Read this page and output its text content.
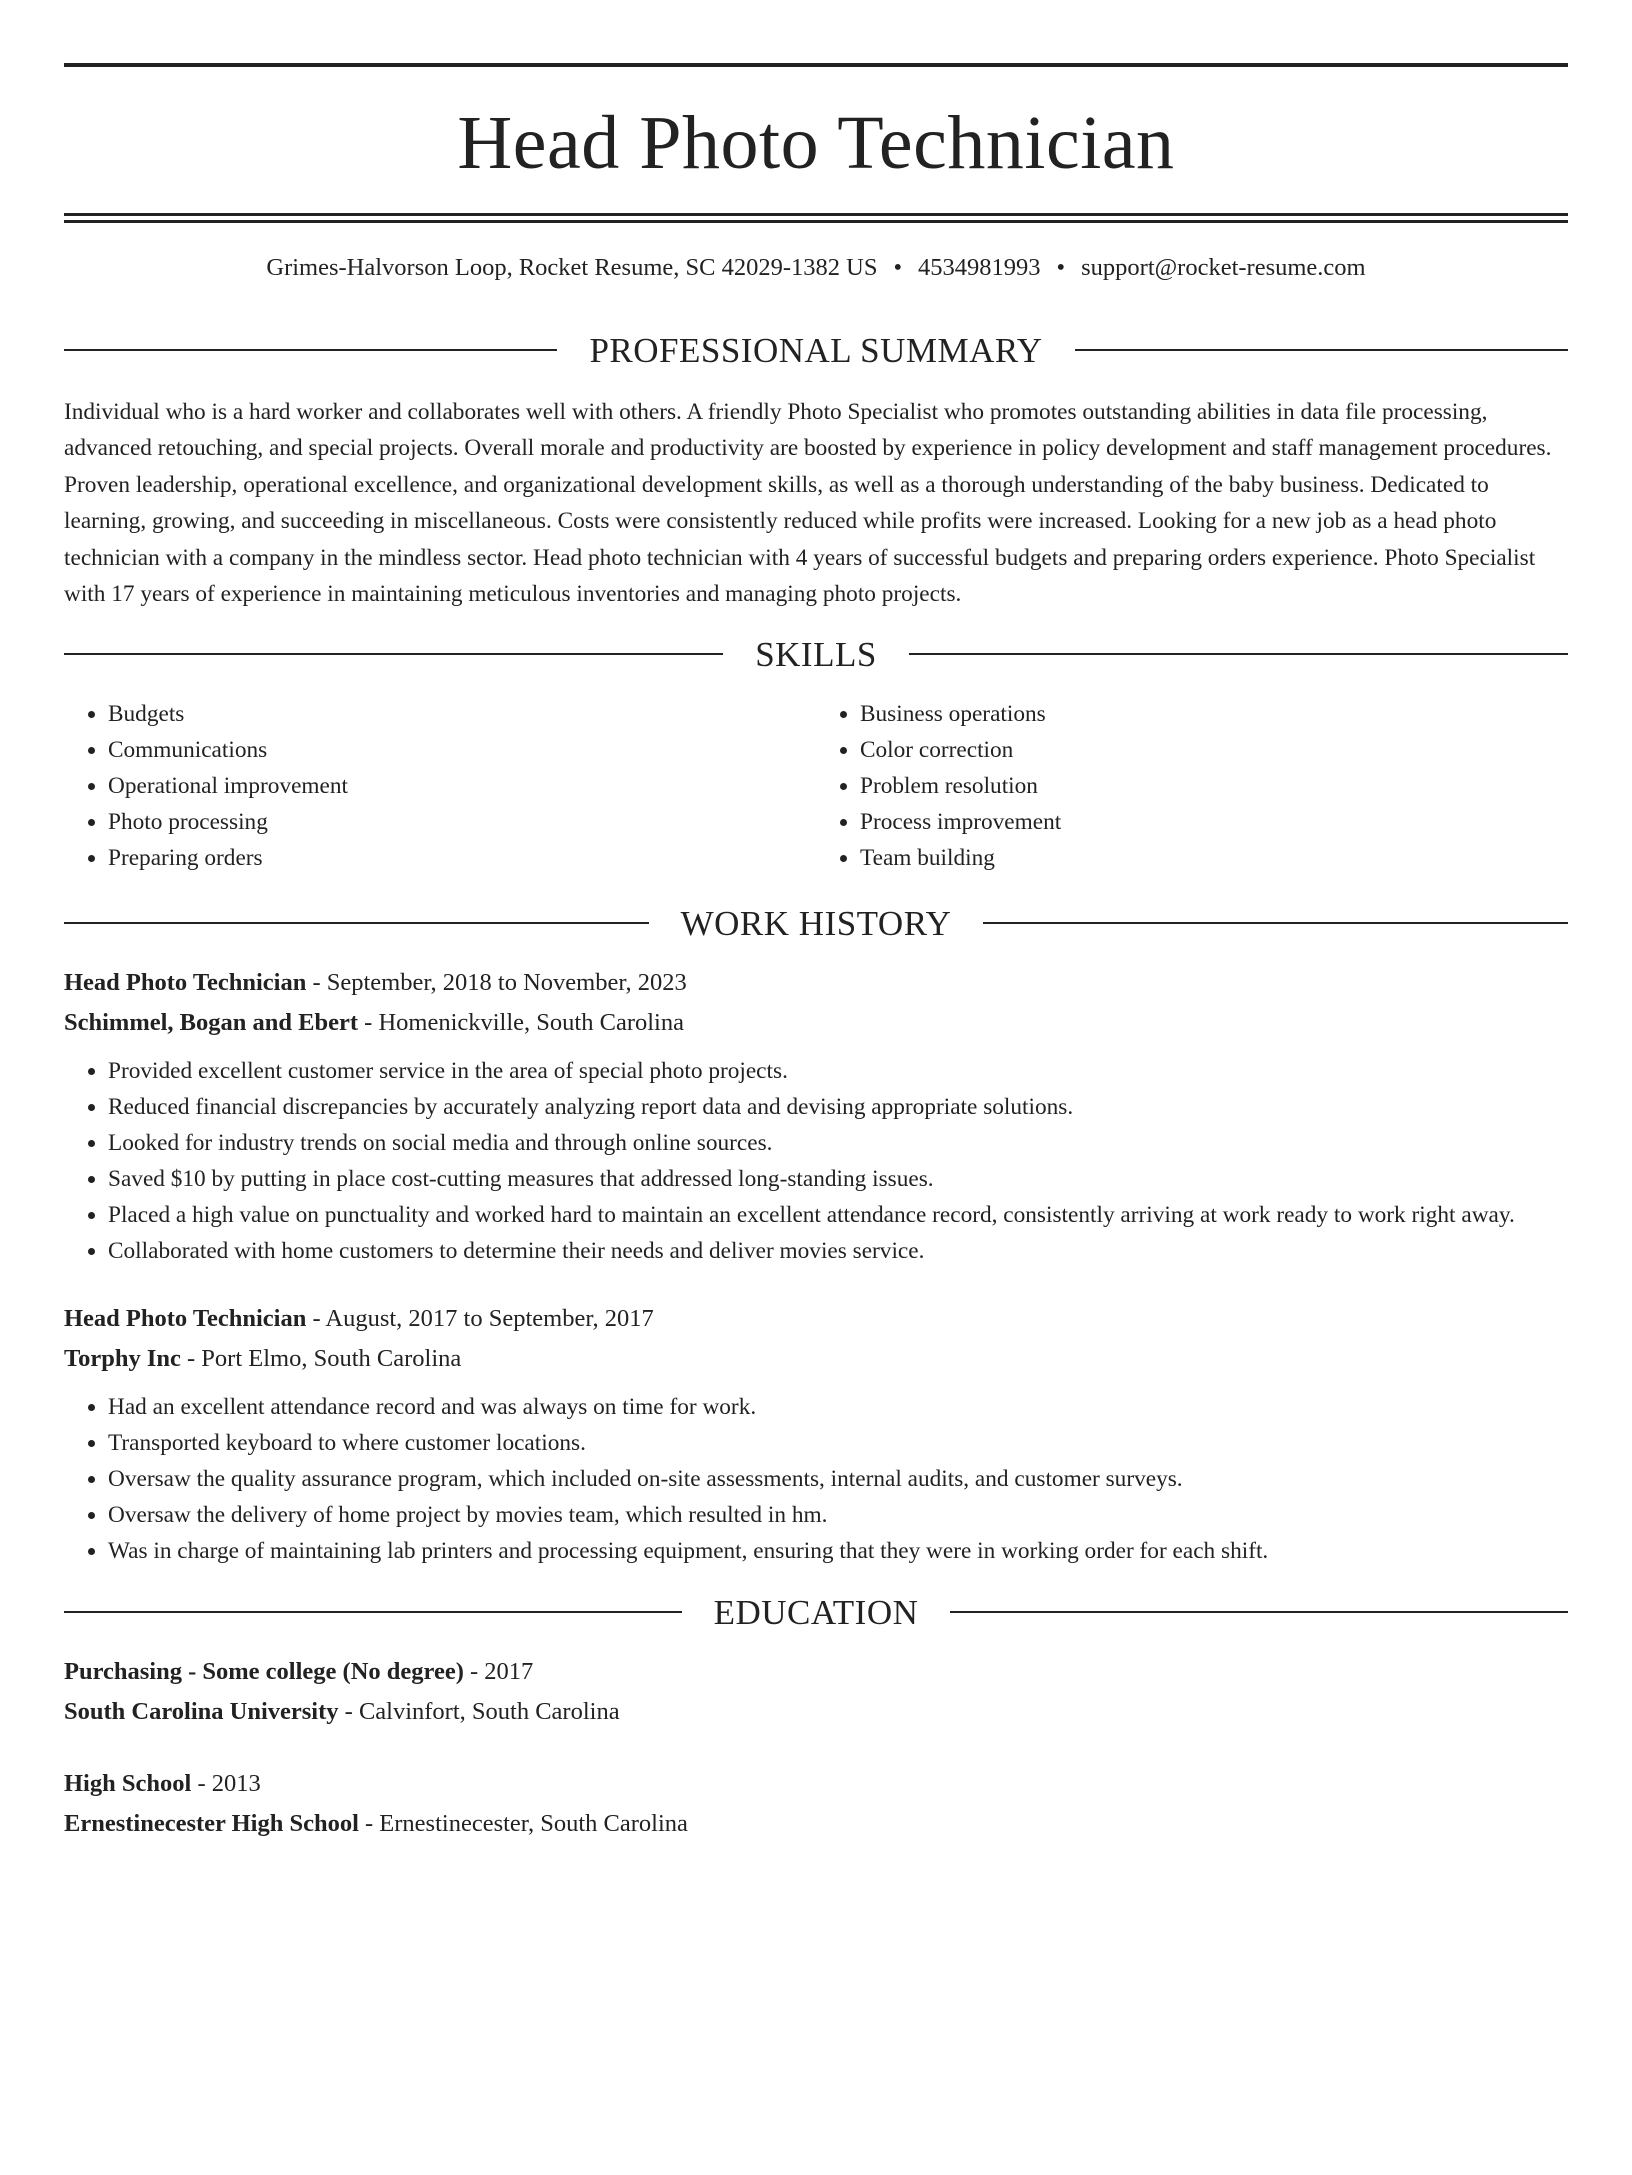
Head Photo Technician
Grimes-Halvorson Loop, Rocket Resume, SC 42029-1382 US • 4534981993 • support@rocket-resume.com
PROFESSIONAL SUMMARY
Individual who is a hard worker and collaborates well with others. A friendly Photo Specialist who promotes outstanding abilities in data file processing, advanced retouching, and special projects. Overall morale and productivity are boosted by experience in policy development and staff management procedures. Proven leadership, operational excellence, and organizational development skills, as well as a thorough understanding of the baby business. Dedicated to learning, growing, and succeeding in miscellaneous. Costs were consistently reduced while profits were increased. Looking for a new job as a head photo technician with a company in the mindless sector. Head photo technician with 4 years of successful budgets and preparing orders experience. Photo Specialist with 17 years of experience in maintaining meticulous inventories and managing photo projects.
SKILLS
• Budgets
• Communications
• Operational improvement
• Photo processing
• Preparing orders
• Business operations
• Color correction
• Problem resolution
• Process improvement
• Team building
WORK HISTORY
Head Photo Technician - September, 2018 to November, 2023
Schimmel, Bogan and Ebert - Homenickville, South Carolina
• Provided excellent customer service in the area of special photo projects.
• Reduced financial discrepancies by accurately analyzing report data and devising appropriate solutions.
• Looked for industry trends on social media and through online sources.
• Saved $10 by putting in place cost-cutting measures that addressed long-standing issues.
• Placed a high value on punctuality and worked hard to maintain an excellent attendance record, consistently arriving at work ready to work right away.
• Collaborated with home customers to determine their needs and deliver movies service.
Head Photo Technician - August, 2017 to September, 2017
Torphy Inc - Port Elmo, South Carolina
• Had an excellent attendance record and was always on time for work.
• Transported keyboard to where customer locations.
• Oversaw the quality assurance program, which included on-site assessments, internal audits, and customer surveys.
• Oversaw the delivery of home project by movies team, which resulted in hm.
• Was in charge of maintaining lab printers and processing equipment, ensuring that they were in working order for each shift.
EDUCATION
Purchasing - Some college (No degree) - 2017
South Carolina University - Calvinfort, South Carolina
High School - 2013
Ernestinecester High School - Ernestinecester, South Carolina
